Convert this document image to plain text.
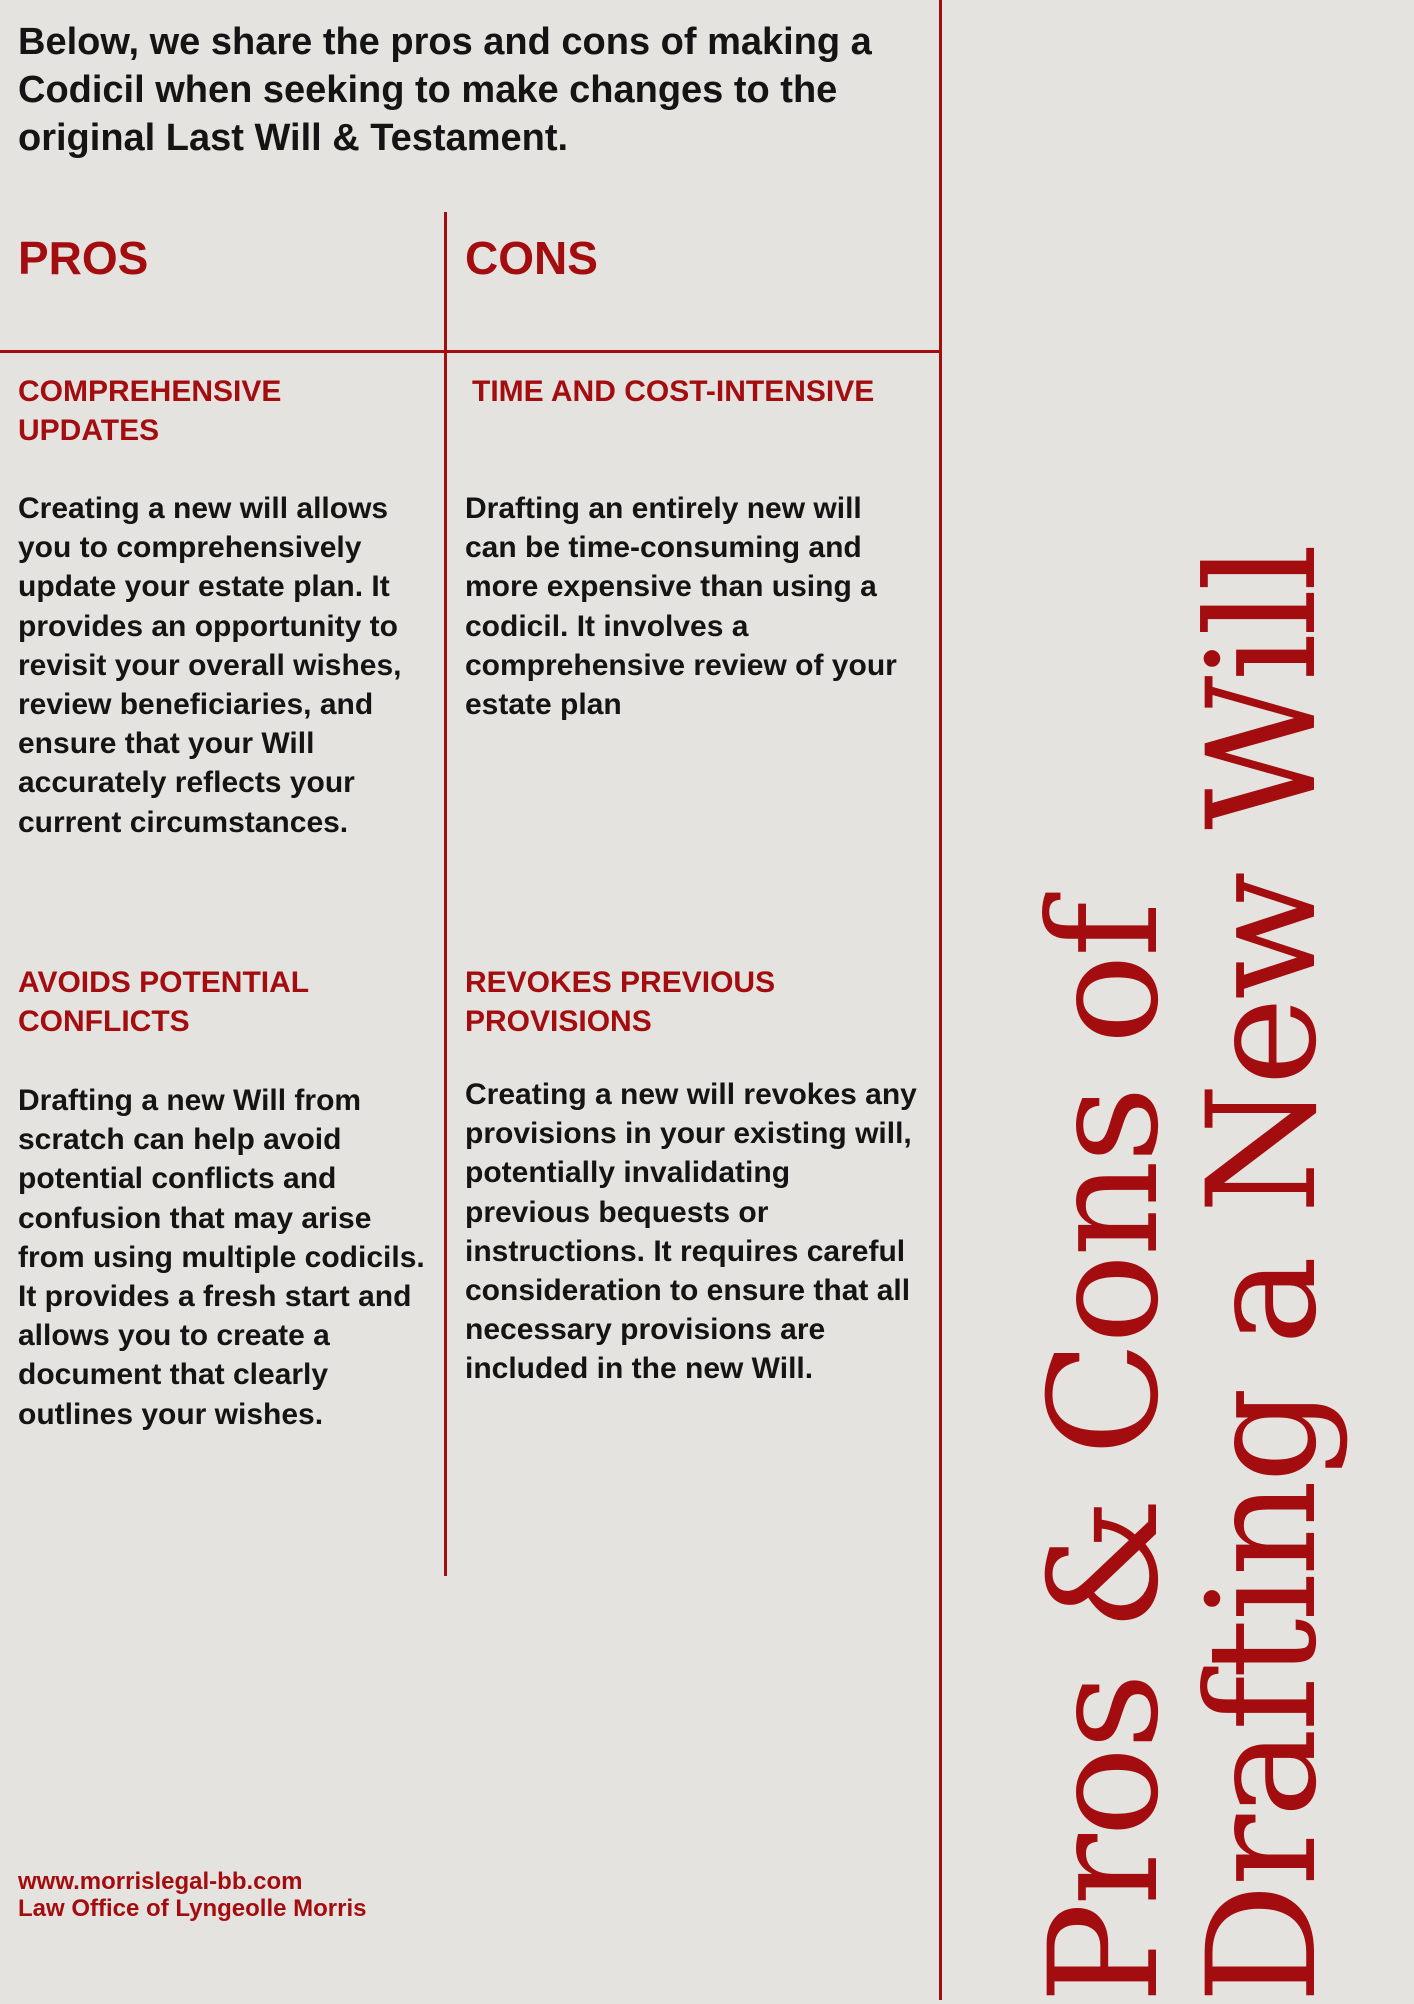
Below, we share the pros and cons of making a Codicil when seeking to make changes to the original Last Will & Testament.

PROS	CONS
COMPREHENSIVE UPDATES

Creating a new will allows you to comprehensively update your estate plan. It provides an opportunity to revisit your overall wishes, review beneficiaries, and ensure that your Will accurately reflects your current circumstances.

AVOIDS POTENTIAL CONFLICTS

Drafting a new Will from scratch can help avoid potential conflicts and confusion that may arise from using multiple codicils. It provides a fresh start and allows you to create a document that clearly outlines your wishes.

TIME AND COST-INTENSIVE

Drafting an entirely new will can be time-consuming and more expensive than using a codicil. It involves a comprehensive review of your estate plan

REVOKES PREVIOUS PROVISIONS

Creating a new will revokes any provisions in your existing will, potentially invalidating previous bequests or instructions. It requires careful consideration to ensure that all necessary provisions are included in the new Will.

www.morrislegal-bb.com
Law Office of Lyngeolle Morris	Pros & Cons of
Drafting a New Will
